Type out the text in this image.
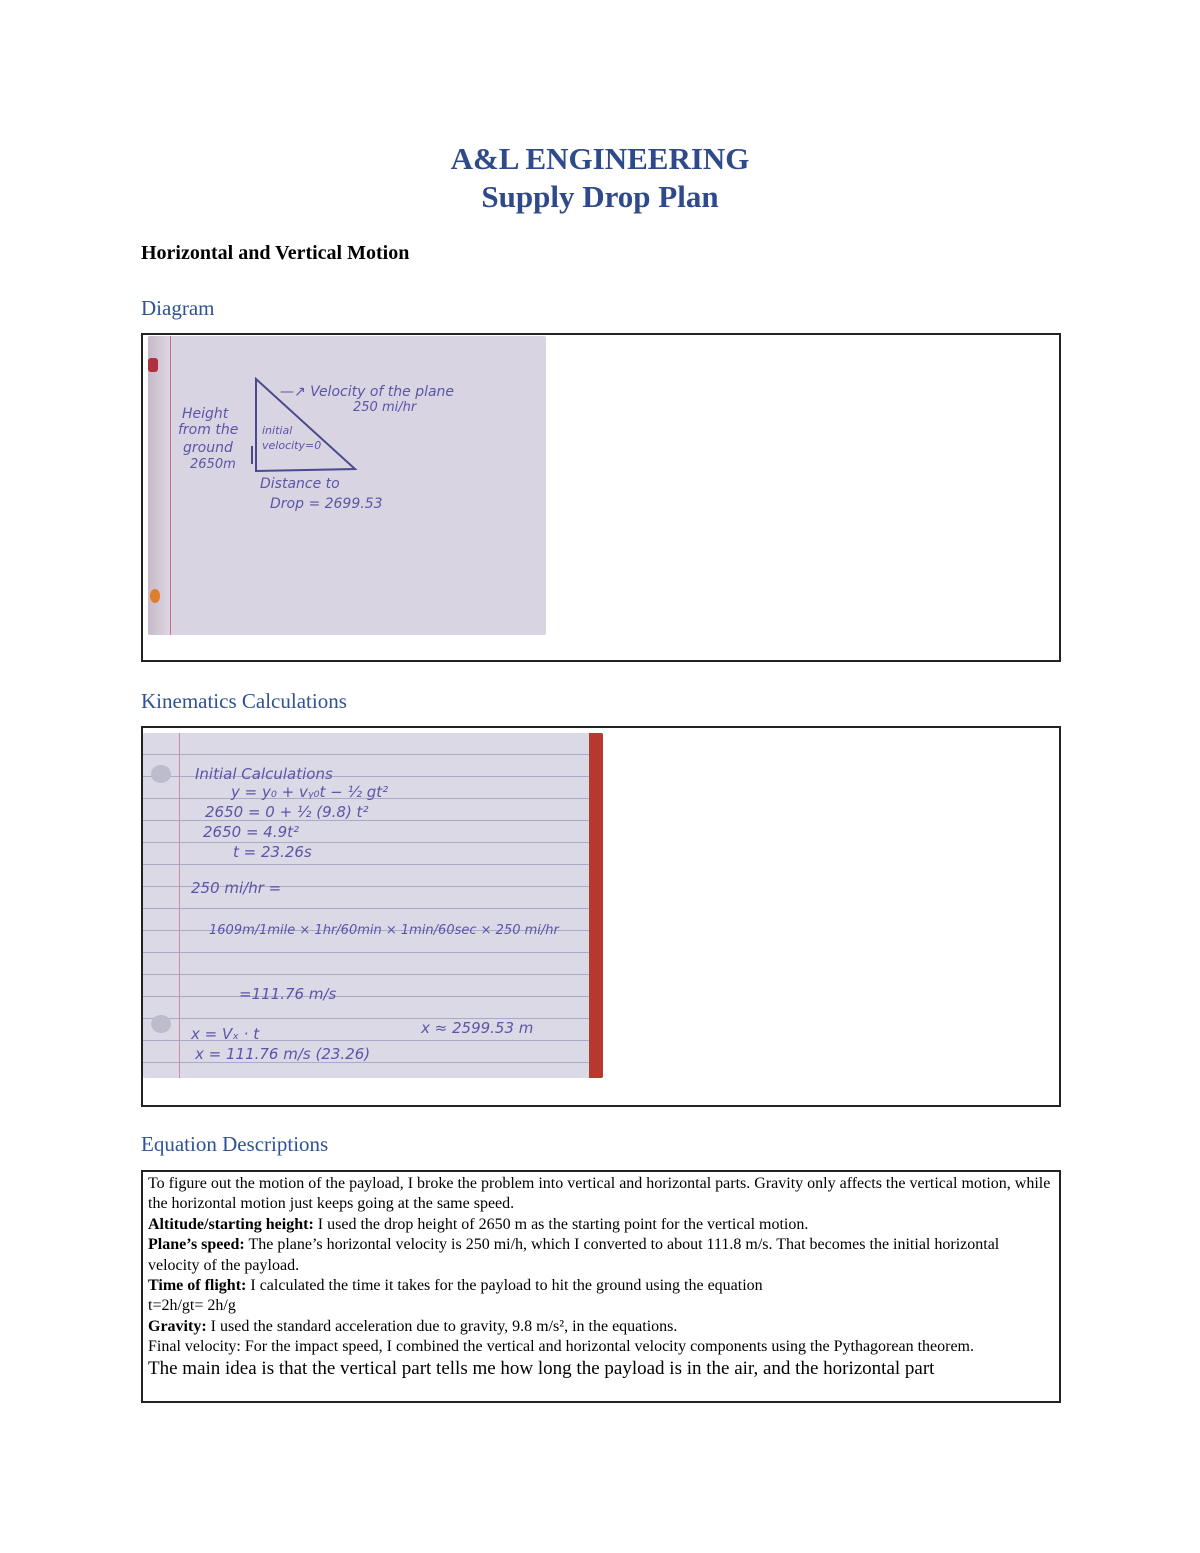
A&L ENGINEERING
Supply Drop Plan
Horizontal and Vertical Motion
Diagram
—↗ Velocity of the plane
250 mi/hr
Height
from the
ground
2650m
initial
velocity=0
Distance to
Drop = 2699.53
Kinematics Calculations
Initial Calculations
y = y₀ + vᵧ₀t − ½ gt²
2650 = 0 + ½ (9.8) t²
2650 = 4.9t²
t = 23.26s
250 mi/hr =
1609m/1mile × 1hr/60min × 1min/60sec × 250 mi/hr
=111.76 m/s
x = Vₓ · t
x = 111.76 m/s (23.26)
x ≈ 2599.53 m
Equation Descriptions

To figure out the motion of the payload, I broke the problem into vertical and horizontal parts. Gravity only affects the vertical motion, while the horizontal motion just keeps going at the same speed.

Altitude/starting height: I used the drop height of 2650 m as the starting point for the vertical motion.

Plane’s speed: The plane’s horizontal velocity is 250 mi/h, which I converted to about 111.8 m/s. That becomes the initial horizontal velocity of the payload.

Time of flight: I calculated the time it takes for the payload to hit the ground using the equation

t=2h/gt= 2h/g

Gravity: I used the standard acceleration due to gravity, 9.8 m/s², in the equations.

Final velocity: For the impact speed, I combined the vertical and horizontal velocity components using the Pythagorean theorem.

The main idea is that the vertical part tells me how long the payload is in the air, and the horizontal part
